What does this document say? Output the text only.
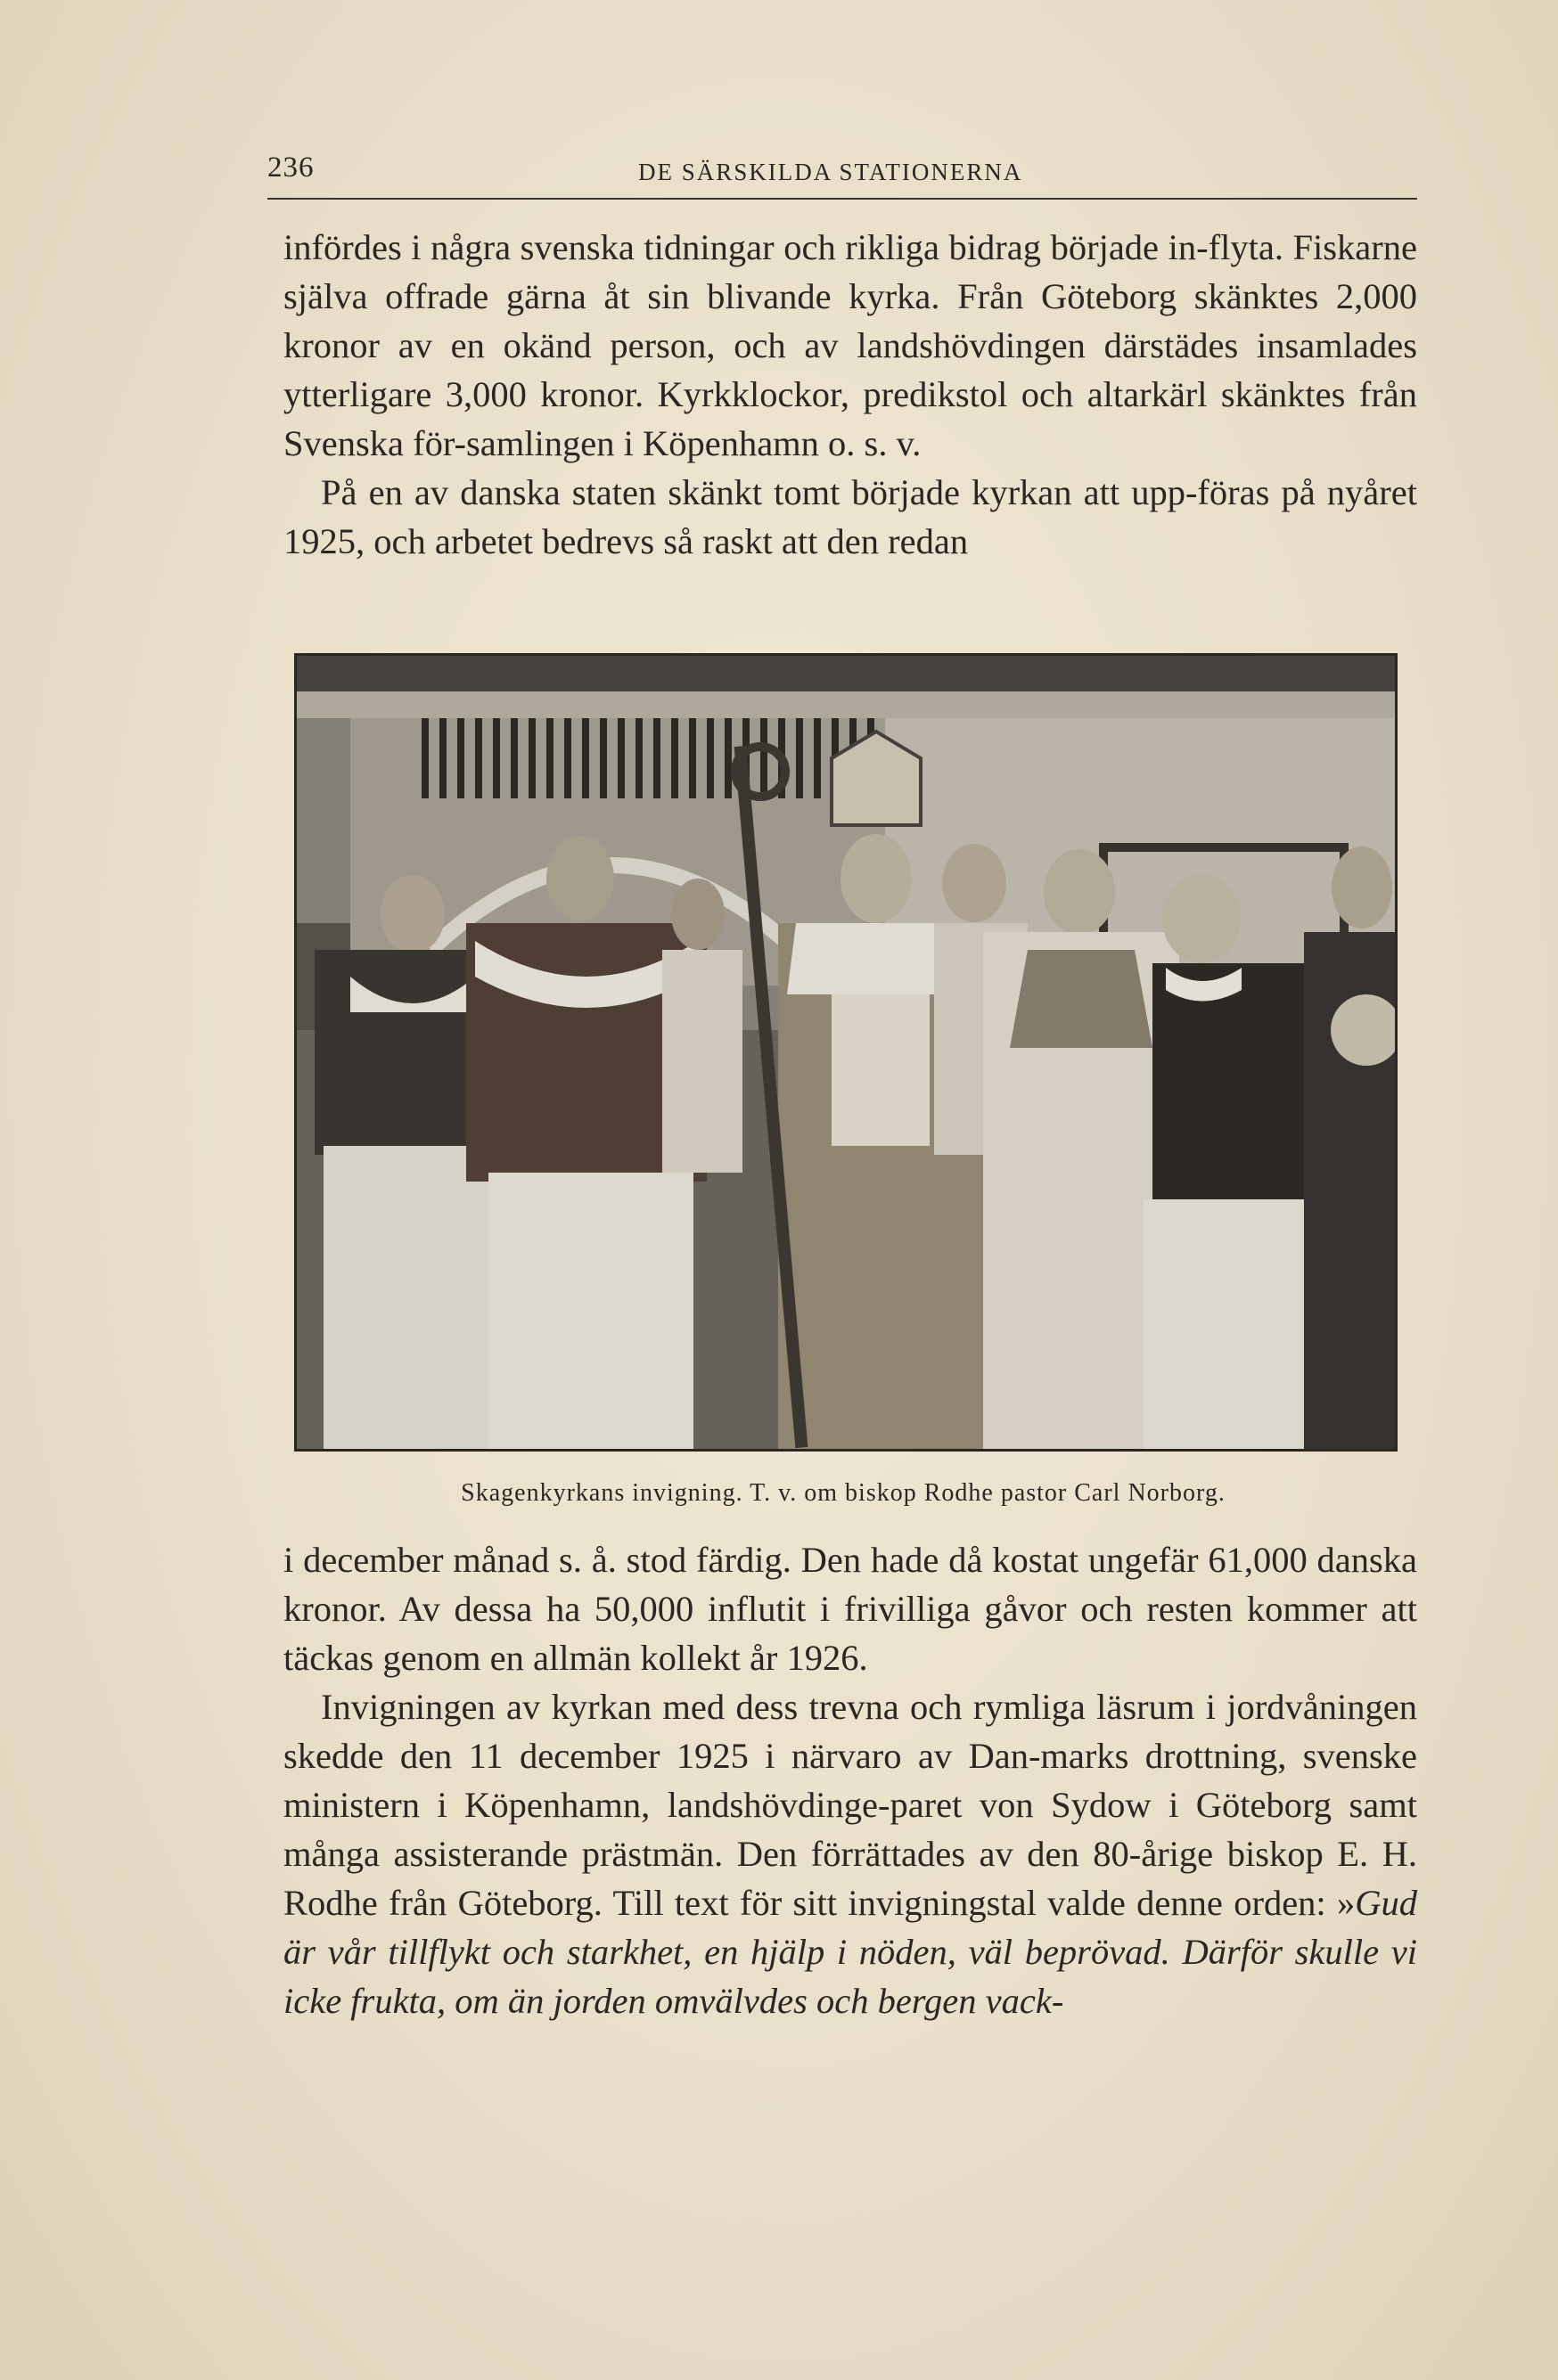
236	DE SÄRSKILDA STATIONERNA

infördes i några svenska tidningar och rikliga bidrag började in-flyta. Fiskarne själva offrade gärna åt sin blivande kyrka. Från Göteborg skänktes 2,000 kronor av en okänd person, och av landshövdingen därstädes insamlades ytterligare 3,000 kronor. Kyrkklockor, predikstol och altarkärl skänktes från Svenska för-samlingen i Köpenhamn o. s. v.

På en av danska staten skänkt tomt började kyrkan att upp-föras på nyåret 1925, och arbetet bedrevs så raskt att den redan

Skagenkyrkans invigning. T. v. om biskop Rodhe pastor Carl Norborg.

i december månad s. å. stod färdig. Den hade då kostat ungefär 61,000 danska kronor. Av dessa ha 50,000 influtit i frivilliga gåvor och resten kommer att täckas genom en allmän kollekt år 1926.

Invigningen av kyrkan med dess trevna och rymliga läsrum i jordvåningen skedde den 11 december 1925 i närvaro av Dan-marks drottning, svenske ministern i Köpenhamn, landshövdinge-paret von Sydow i Göteborg samt många assisterande prästmän. Den förrättades av den 80-årige biskop E. H. Rodhe från Göteborg. Till text för sitt invigningstal valde denne orden: »Gud är vår tillflykt och starkhet, en hjälp i nöden, väl beprövad. Därför skulle vi icke frukta, om än jorden omvälvdes och bergen vack-
